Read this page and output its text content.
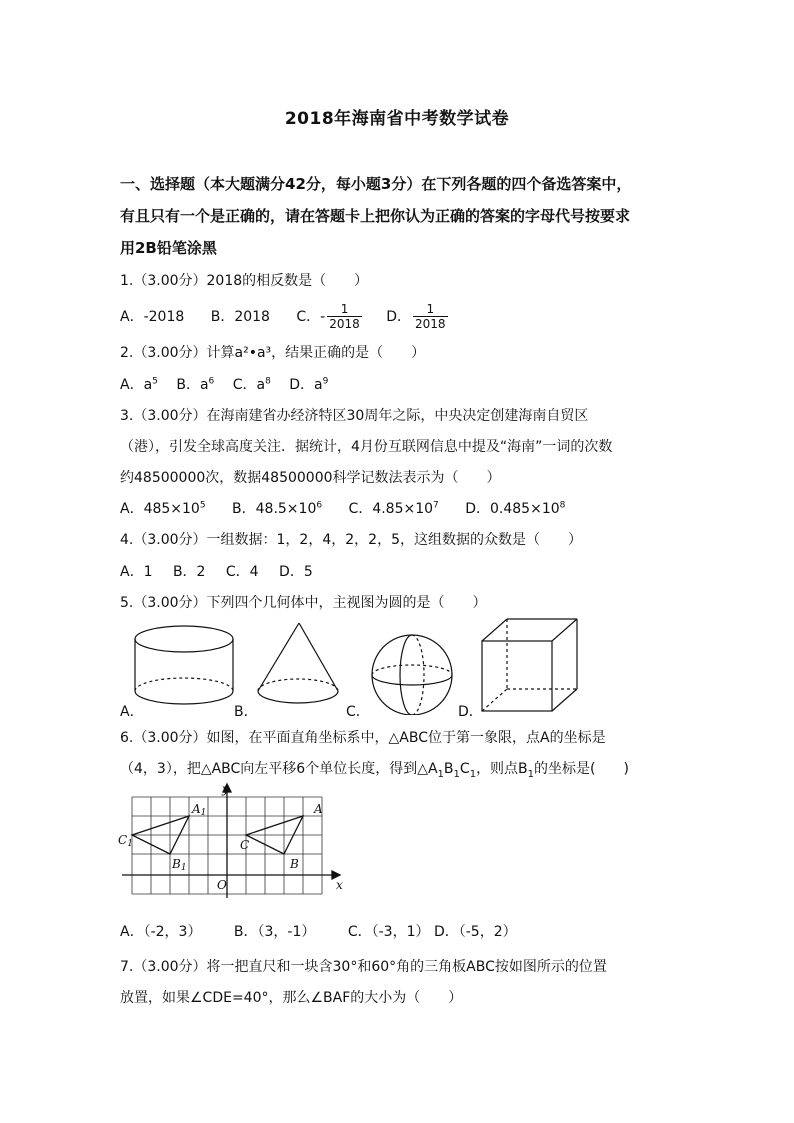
2018年海南省中考数学试卷
一、选择题（本大题满分42分，每小题3分）在下列各题的四个备选答案中，
有且只有一个是正确的，请在答题卡上把你认为正确的答案的字母代号按要求
用2B铅笔涂黑
1.（3.00分）2018的相反数是（　　）
A．-2018 B．2018 C．- $\frac{1}{2018}$ D． $\frac{1}{2018}$
2.（3.00分）计算a²•a³，结果正确的是（　　）
A．$a^5$ B．$a^6$ C．$a^8$ D．$a^9$
3.（3.00分）在海南建省办经济特区30周年之际，中央决定创建海南自贸区
（港），引发全球高度关注．据统计，4月份互联网信息中提及“海南”一词的次数
约48500000次，数据48500000科学记数法表示为（　　）
A．$485\times 10^5$ B．$48.5\times 10^6$ C．$4.85\times 10^7$ D．$0.485\times 10^8$
4.（3.00分）一组数据：1，2，4，2，2，5，这组数据的众数是（　　）
A．1 B．2 C．4 D．5
5.（3.00分）下列四个几何体中，主视图为圆的是（　　）
A．	B．	C．	D．
6.（3.00分）如图，在平面直角坐标系中，△ABC位于第一象限，点A的坐标是
（4，3），把△ABC向左平移6个单位长度，得到$\triangle A_1B_1C_1$，则点$B_1$的坐标是(　　)
y
x
O
A
B
C
A1
B1
C1
A．（-2，3） B．（3，-1） C．（-3，1） D．（-5，2）
7.（3.00分）将一把直尺和一块含30°和60°角的三角板ABC按如图所示的位置
放置，如果∠CDE=40°，那么∠BAF的大小为（　　）
